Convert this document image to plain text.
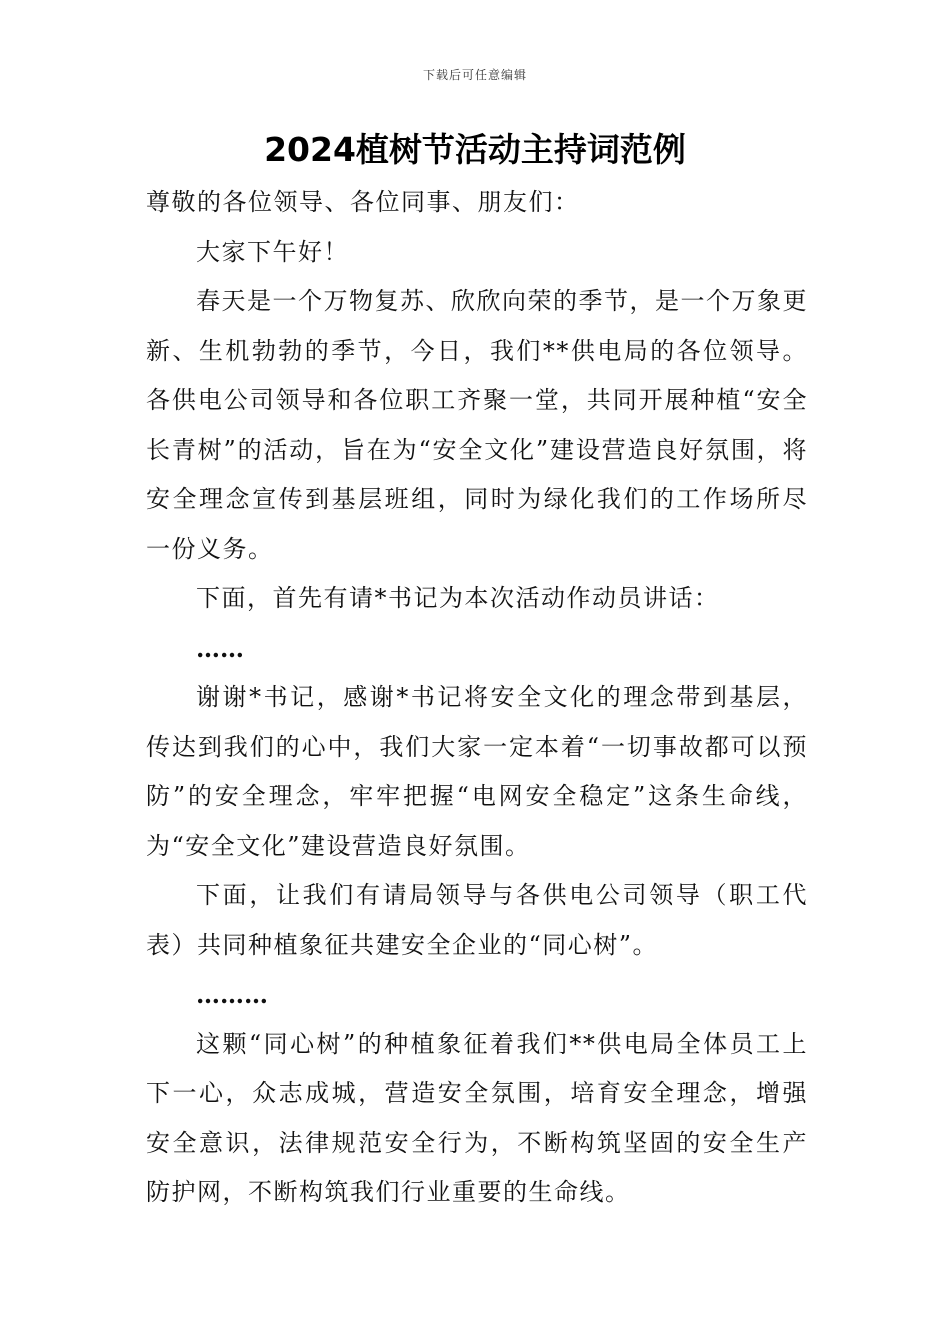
下载后可任意编辑
2024植树节活动主持词范例

尊敬的各位领导、各位同事、朋友们：

大家下午好！

春天是一个万物复苏、欣欣向荣的季节，是一个万象更新、生机勃勃的季节，今日，我们**供电局的各位领导。各供电公司领导和各位职工齐聚一堂，共同开展种植“安全长青树”的活动，旨在为“安全文化”建设营造良好氛围，将安全理念宣传到基层班组，同时为绿化我们的工作场所尽一份义务。

下面，首先有请*书记为本次活动作动员讲话：

……

谢谢*书记，感谢*书记将安全文化的理念带到基层，传达到我们的心中，我们大家一定本着“一切事故都可以预防”的安全理念，牢牢把握“电网安全稳定”这条生命线，为“安全文化”建设营造良好氛围。

下面，让我们有请局领导与各供电公司领导（职工代表）共同种植象征共建安全企业的“同心树”。

………

这颗“同心树”的种植象征着我们**供电局全体员工上下一心，众志成城，营造安全氛围，培育安全理念，增强安全意识，法律规范安全行为，不断构筑坚固的安全生产防护网，不断构筑我们行业重要的生命线。
